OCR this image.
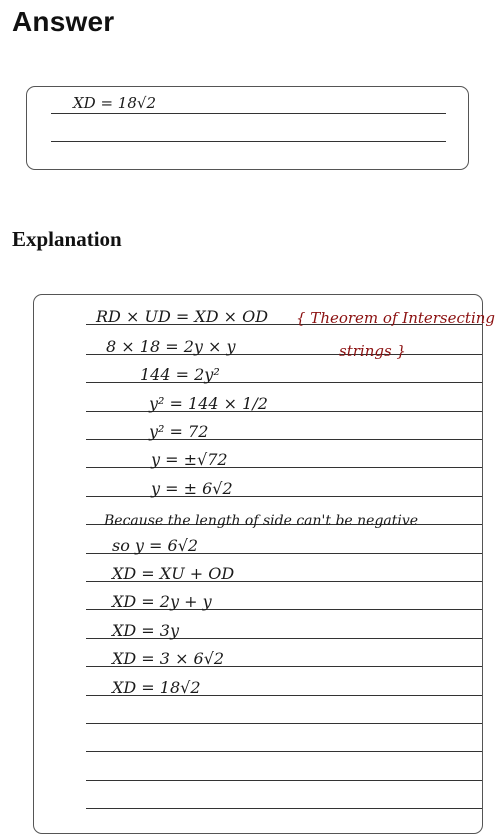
Answer
XD = 18√2
Explanation
RD × UD = XD × OD { Theorem of Intersecting
8 × 18 = 2y × y	strings }
144 = 2y²
y² = 144 × 1/2
y² = 72
y = ±√72
y = ± 6√2
Because the length of side can't be negative
so y = 6√2
XD = XU + OD
XD = 2y + y
XD = 3y
XD = 3 × 6√2
XD = 18√2
